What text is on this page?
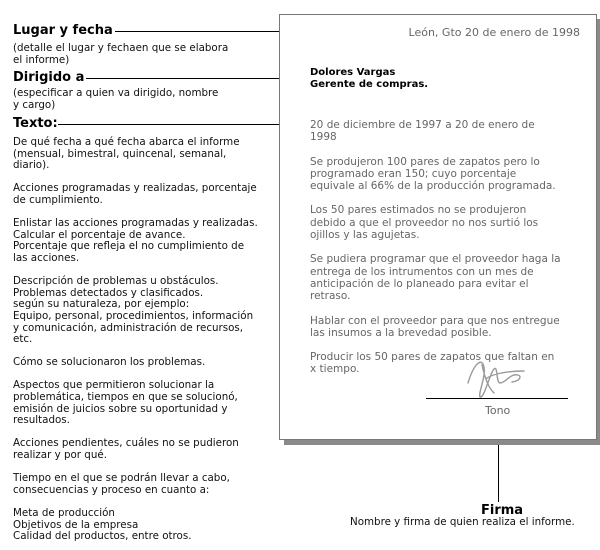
Lugar y fecha
(detalle el lugar y fechaen que se elabora
el informe)
Dirigido a
(especificar a quien va dirigido, nombre
y cargo)
Texto:
De qué fecha a qué fecha abarca el informe
(mensual, bimestral, quincenal, semanal,
diario).
Acciones programadas y realizadas, porcentaje
de cumplimiento.
Enlistar las acciones programadas y realizadas.
Calcular el porcentaje de avance.
Porcentaje que refleja el no cumplimiento de
las acciones.
Descripción de problemas u obstáculos.
Problemas detectados y clasificados.
según su naturaleza, por ejemplo:
Equipo, personal, procedimientos, información
y comunicación, administración de recursos,
etc.
Cómo se solucionaron los problemas.
Aspectos que permitieron solucionar la
problemática, tiempos en que se solucionó,
emisión de juicios sobre su oportunidad y
resultados.
Acciones pendientes, cuáles no se pudieron
realizar y por qué.
Tiempo en el que se podrán llevar a cabo,
consecuencias y proceso en cuanto a:
Meta de producción
Objetivos de la empresa
Calidad del productos, entre otros.
León, Gto 20 de enero de 1998
Dolores Vargas
Gerente de compras.
20 de diciembre de 1997 a 20 de enero de
1998
Se produjeron 100 pares de zapatos pero lo
programado eran 150; cuyo porcentaje
equivale al 66% de la producción programada.
Los 50 pares estimados no se produjeron
debido a que el proveedor no nos surtió los
ojillos y las agujetas.
Se pudiera programar que el proveedor haga la
entrega de los intrumentos con un mes de
anticipación de lo planeado para evitar el
retraso.
Hablar con el proveedor para que nos entregue
las insumos a la brevedad posible.
Producir los 50 pares de zapatos que faltan en
x tiempo.
Tono
Firma
Nombre y firma de quien realiza el informe.
